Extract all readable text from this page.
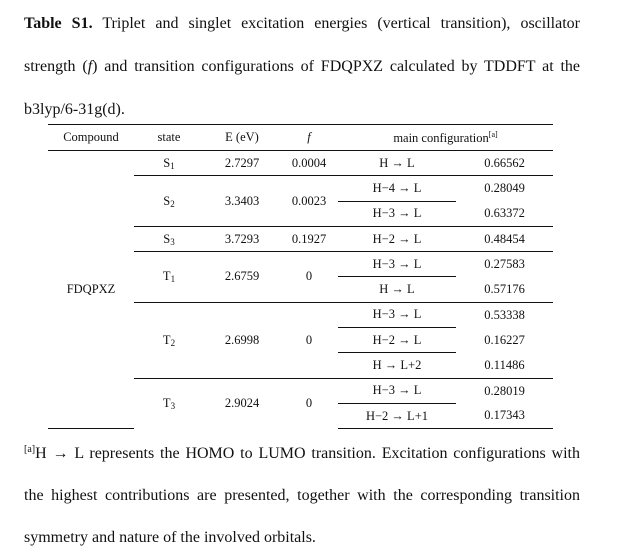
Table S1. Triplet and singlet excitation energies (vertical transition), oscillator strength (f) and transition configurations of FDQPXZ calculated by TDDFT at the b3lyp/6-31g(d).
Compound	state	E (eV)	f	main configuration[a]
FDQPXZ	$S_1$	2.7297	0.0004	H → L	0.66562
	$S_2$	3.3403	0.0023	H−4 → L	0.28049
				H−3 → L	0.63372
	$S_3$	3.7293	0.1927	H−2 → L	0.48454
	$T_1$	2.6759	0	H−3 → L	0.27583
				H → L	0.57176
	$T_2$	2.6998	0	H−3 → L	0.53338
				H−2 → L	0.16227
				H → L+2	0.11486
	$T_3$	2.9024	0	H−3 → L	0.28019
				H−2 → L+1	0.17343
[a]H → L represents the HOMO to LUMO transition. Excitation configurations with the highest contributions are presented, together with the corresponding transition symmetry and nature of the involved orbitals.
